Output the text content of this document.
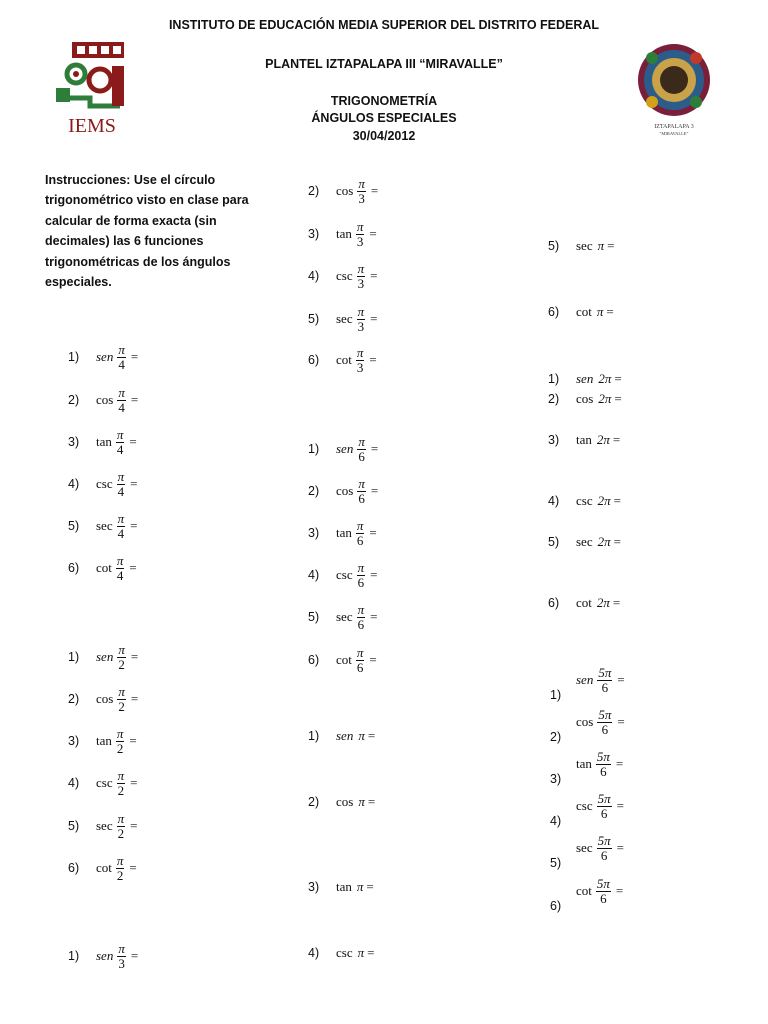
INSTITUTO DE EDUCACIÓN MEDIA SUPERIOR DEL DISTRITO FEDERAL
PLANTEL IZTAPALAPA III “MIRAVALLE”
TRIGONOMETRÍA
ÁNGULOS ESPECIALES
30/04/2012
IEMS	IZTAPALAPA 3
"MIRAVALLE"
Instrucciones: Use el círculo
trigonométrico visto en clase para
calcular de forma exacta (sin
decimales) las 6 funciones
trigonométricas de los ángulos
especiales.
1)	sen $\frac{\pi}{4}$ =
2)	$\cos \frac{\pi}{4}$ =
3)	$\tan \frac{\pi}{4}$ =
4)	$\csc \frac{\pi}{4}$ =
5)	$\sec \frac{\pi}{4}$ =
6)	$\cot \frac{\pi}{4}$ =
1)	sen $\frac{\pi}{2}$ =
2)	$\cos \frac{\pi}{2}$ =
3)	$\tan \frac{\pi}{2}$ =
4)	$\csc \frac{\pi}{2}$ =
5)	$\sec \frac{\pi}{2}$ =
6)	$\cot \frac{\pi}{2}$ =
1)	sen $\frac{\pi}{3}$ =
2)	$\cos \frac{\pi}{3}$ =
3)	$\tan \frac{\pi}{3}$ =
4)	$\csc \frac{\pi}{3}$ =
5)	$\sec \frac{\pi}{3}$ =
6)	$\cot \frac{\pi}{3}$ =
1)	sen $\frac{\pi}{6}$ =
2)	$\cos \frac{\pi}{6}$ =
3)	$\tan \frac{\pi}{6}$ =
4)	$\csc \frac{\pi}{6}$ =
5)	$\sec \frac{\pi}{6}$ =
6)	$\cot \frac{\pi}{6}$ =
1)	sen π =
2)	cos π =
3)	tan π =
4)	csc π =
5)	sec π =
6)	cot π =
1)	sen 2π =
2)	cos 2π =
3)	tan 2π =
4)	csc 2π =
5)	sec 2π =
6)	cot 2π =
sen $\frac{5\pi}{6}$ =
1)
$\cos \frac{5\pi}{6}$ =
2)
$\tan \frac{5\pi}{6}$ =
3)
$\csc \frac{5\pi}{6}$ =
4)
$\sec \frac{5\pi}{6}$ =
5)
$\cot \frac{5\pi}{6}$ =
6)
